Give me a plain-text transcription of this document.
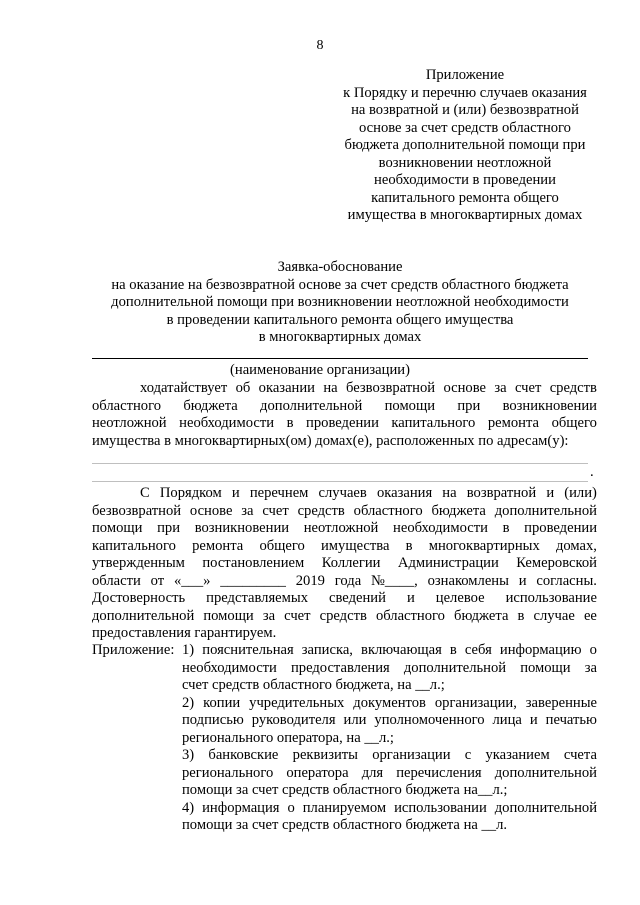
8
Приложение
к Порядку и перечню случаев оказания
на возвратной и (или) безвозвратной
основе за счет средств областного
бюджета дополнительной помощи при
возникновении неотложной
необходимости в проведении
капитального ремонта общего
имущества в многоквартирных домах
Заявка-обоснование
на оказание на безвозвратной основе за счет средств областного бюджета
дополнительной помощи при возникновении неотложной необходимости
в проведении капитального ремонта общего имущества
в многоквартирных домах
(наименование организации)
ходатайствует об оказании на безвозвратной основе за счет средств
областного бюджета дополнительной помощи при возникновении
неотложной необходимости в проведении капитального ремонта общего
имущества в многоквартирных(ом) домах(е), расположенных по адресам(у):
.
С Порядком и перечнем случаев оказания на возвратной и (или)
безвозвратной основе за счет средств областного бюджета дополнительной
помощи при возникновении неотложной необходимости в проведении
капитального ремонта общего имущества в многоквартирных домах,
утвержденным постановлением Коллегии Администрации Кемеровской
области от «___» _________ 2019 года №____, ознакомлены и согласны.
Достоверность представляемых сведений и целевое использование
дополнительной помощи за счет средств областного бюджета в случае ее
предоставления гарантируем.
Приложение: 1) пояснительная записка, включающая в себя информацию о
необходимости предоставления дополнительной помощи за
счет средств областного бюджета, на __л.;
2) копии учредительных документов организации, заверенные
подписью руководителя или уполномоченного лица и печатью
регионального оператора, на __л.;
3) банковские реквизиты организации с указанием счета
регионального оператора для перечисления дополнительной
помощи за счет средств областного бюджета на__л.;
4) информация о планируемом использовании дополнительной
помощи за счет средств областного бюджета на __л.
